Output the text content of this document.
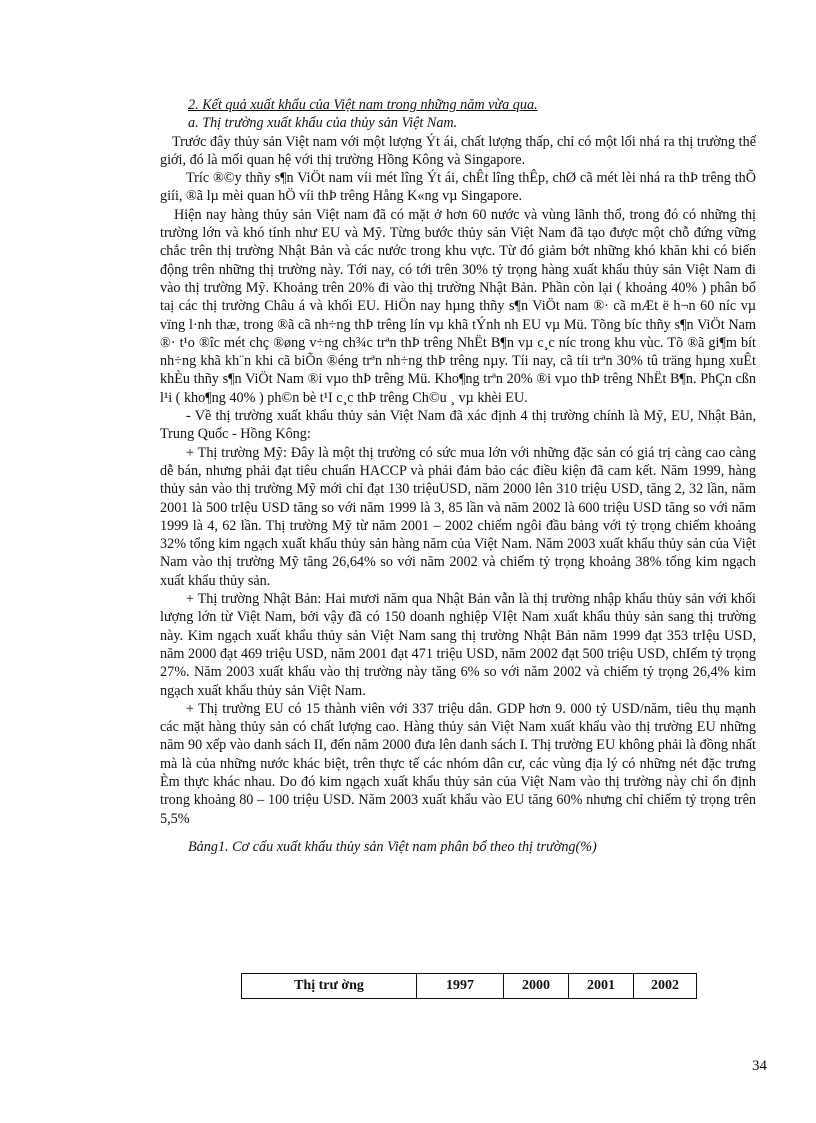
2. Kết quả xuất khẩu của Việt nam trong những năm vừa qua.

a. Thị trường xuất khẩu của thủy sản Việt Nam.

Trước đây thủy sản Việt nam với một lượng Ýt ái, chất lượng thấp, chỉ có một lối nhá ra thị trường thế giới, đó là mối quan hệ với thị trường Hồng Kông và Singapore.

Tríc ®©y thñy s¶n ViÖt nam víi mét lîng Ýt ái, chÊt lîng thÊp, chØ cã mét lèi nhá ra thÞ trêng thÕ giíi, ®ã lµ mèi quan hÖ víi thÞ trêng Hång K«ng vµ Singapore.

Hiện nay hàng thủy sản Việt nam đã có mặt ở hơn 60 nước và vùng lãnh thổ, trong đó có những thị trường lớn và khó tính như EU và Mỹ. Từng bước thủy sản Việt Nam đã tạo được một chỗ đứng vững chắc trên thị trường Nhật Bản và các nước trong khu vực. Từ đó giảm bớt những khó khăn khi có biến động trên những thị trường này. Tới nay, có tới trên 30% tỷ trọng hàng xuất khẩu thủy sản Việt Nam đi vào thị trường Mỹ. Khoảng trên 20% đi vào thị trường Nhật Bản. Phần còn lại ( khoảng 40% ) phân bổ taị các thị trường Châu á và khối EU. HiÖn nay hµng thñy s¶n ViÖt nam ®· cã mÆt ë h¬n 60 níc vµ vïng l·nh thæ, trong ®ã cã nh÷ng thÞ trêng lín vµ khã tÝnh nh EU vµ Mü. Tõng bíc thñy s¶n ViÖt Nam ®· t¹o ®îc mét chç ®øng v÷ng ch¾c trªn thÞ trêng NhËt B¶n vµ c¸c níc trong khu vùc. Tõ ®ã gi¶m bít nh÷ng khã kh¨n khi cã biÕn ®éng trªn nh÷ng thÞ trêng nµy. Tíi nay, cã tíi trªn 30% tû träng hµng xuÊt khÈu thñy s¶n ViÖt Nam ®i vµo thÞ trêng Mü. Kho¶ng trªn 20% ®i vµo thÞ trêng NhËt B¶n. PhÇn cßn l¹i ( kho¶ng 40% ) ph©n bè t¹I c¸c thÞ trêng Ch©u ¸ vµ khèi EU.

- Về thị trường xuất khẩu thủy sản Việt Nam đã xác định 4 thị trường chính là Mỹ, EU, Nhật Bản, Trung Quốc - Hồng Kông:

+ Thị trường Mỹ: Đây là một thị trường có sức mua lớn với những đặc sản có giá trị càng cao càng dễ bán, nhưng phải đạt tiêu chuẩn HACCP và phải đảm bảo các điều kiện đã cam kết. Năm 1999, hàng thủy sản vào thị trường Mỹ mới chỉ đạt 130 triệuUSD, năm 2000 lên 310 triệu USD, tăng 2, 32 lần, năm 2001 là 500 trIệu USD tăng so với năm 1999 là 3, 85 lần và năm 2002 là 600 triệu USD tăng so với năm 1999 là 4, 62 lần. Thị trường Mỹ từ năm 2001 – 2002 chiếm ngôi đầu bảng với tỷ trọng chiếm khoảng 32% tổng kim ngạch xuất khẩu thủy sản hàng năm của Việt Nam. Năm 2003 xuất khẩu thủy sản của Việt Nam vào thị trường Mỹ tăng 26,64% so với năm 2002 và chiếm tỷ trọng khoảng 38% tổng kim ngạch xuất khẩu thủy sản.

+ Thị trường Nhật Bản: Hai mươi năm qua Nhật Bản vẫn là thị trường nhập khẩu thủy sản với khối lượng lớn từ Việt Nam, bởi vậy đã có 150 doanh nghiệp VIệt Nam xuất khẩu thủy sản sang thị trường này. Kim ngạch xuất khẩu thủy sản Việt Nam sang thị trường Nhật Bản năm 1999 đạt 353 trIệu USD, năm 2000 đạt 469 triệu USD, năm 2001 đạt 471 triệu USD, năm 2002 đạt 500 triệu USD, chIếm tỷ trọng 27%. Năm 2003 xuất khẩu vào thị trường này tăng 6% so với năm 2002 và chiếm tỷ trọng 26,4% kim ngạch xuất khẩu thủy sản Việt Nam.

+ Thị trường EU có 15 thành viên với 337 triệu dân. GDP hơn 9. 000 tỷ USD/năm, tiêu thụ mạnh các mặt hàng thủy sản có chất lượng cao. Hàng thủy sản Việt Nam xuất khẩu vào thị trường EU những năm 90 xếp vào danh sách II, đến năm 2000 đưa lên danh sách I. Thị trường EU không phải là đồng nhất mà là của những nước khác biệt, trên thực tế các nhóm dân cư, các vùng địa lý có những nét đặc trưng Èm thực khác nhau. Do đó kim ngạch xuất khẩu thủy sản của Việt Nam vào thị trường này chỉ ổn định trong khoảng 80 – 100 triệu USD. Năm 2003 xuất khẩu vào EU tăng 60% nhưng chỉ chiếm tỷ trọng trên 5,5%

Bảng1. Cơ cấu xuất khẩu thủy sản Việt nam phân bổ theo thị trường(%)

Thị trư ờng	1997	2000	2001	2002
34
